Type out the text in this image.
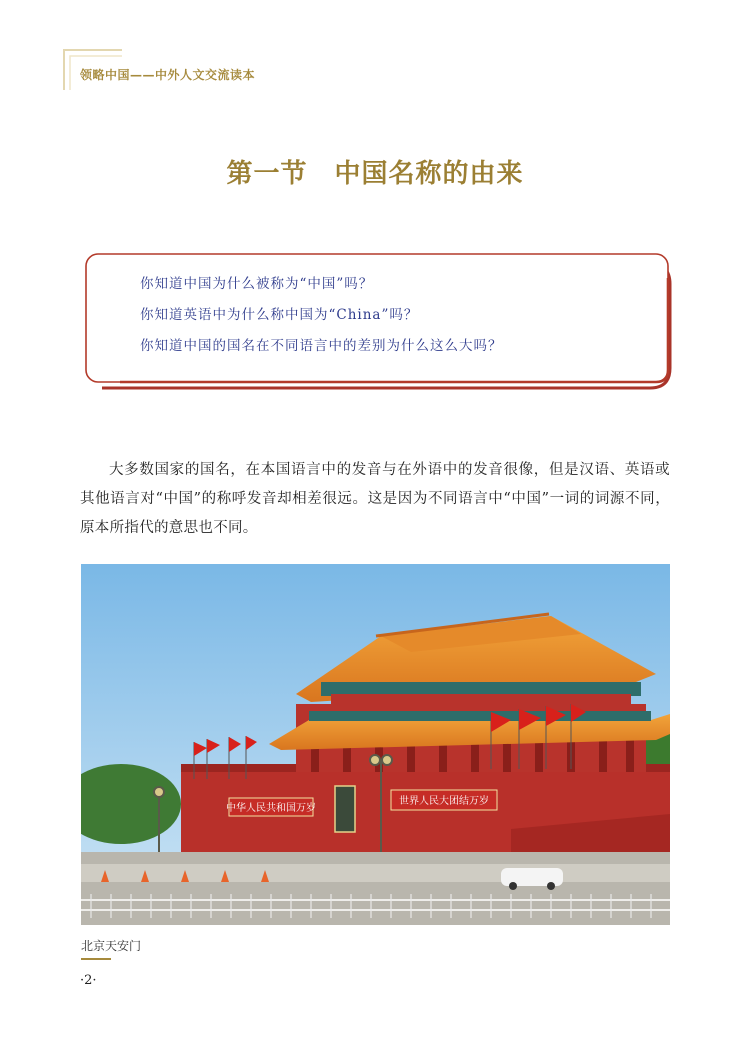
领略中国——中外人文交流读本
第一节　中国名称的由来
你知道中国为什么被称为“中国”吗？
你知道英语中为什么称中国为“China”吗？
你知道中国的国名在不同语言中的差别为什么这么大吗？

大多数国家的国名，在本国语言中的发音与在外语中的发音很像，但是汉语、英语或其他语言对“中国”的称呼发音却相差很远。这是因为不同语言中“中国”一词的词源不同，原本所指代的意思也不同。

中华人民共和国万岁
世界人民大团结万岁
北京天安门
·2·
